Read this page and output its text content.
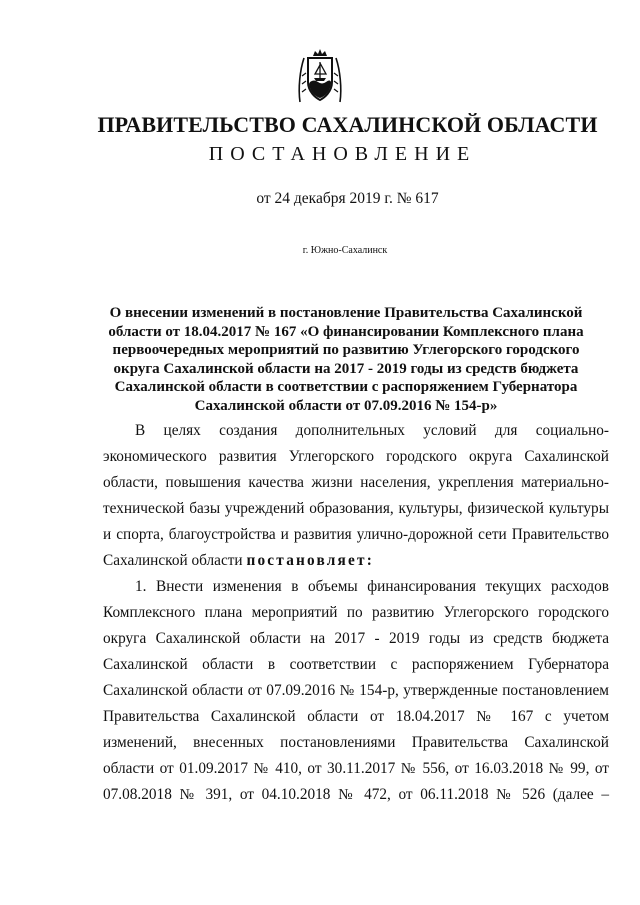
ПРАВИТЕЛЬСТВО САХАЛИНСКОЙ ОБЛАСТИ
ПОСТАНОВЛЕНИЕ
от 24 декабря 2019 г. № 617
г. Южно-Сахалинск
О внесении изменений в постановление Правительства Сахалинской
области от 18.04.2017 № 167 «О финансировании Комплексного плана
первоочередных мероприятий по развитию Углегорского городского
округа Сахалинской области на 2017 - 2019 годы из средств бюджета
Сахалинской области в соответствии с распоряжением Губернатора
Сахалинской области от 07.09.2016 № 154-р»
В целях создания дополнительных условий для социально-
экономического развития Углегорского городского округа Сахалинской
области, повышения качества жизни населения, укрепления материально-
технической базы учреждений образования, культуры, физической культуры
и спорта, благоустройства и развития улично-дорожной сети Правительство
Сахалинской области постановляет:
1. Внести изменения в объемы финансирования текущих расходов
Комплексного плана мероприятий по развитию Углегорского городского
округа Сахалинской области на 2017 - 2019 годы из средств бюджета
Сахалинской области в соответствии с распоряжением Губернатора
Сахалинской области от 07.09.2016 № 154-р, утвержденные постановлением
Правительства Сахалинской области от 18.04.2017 № 167 с учетом
изменений, внесенных постановлениями Правительства Сахалинской
области от 01.09.2017 № 410, от 30.11.2017 № 556, от 16.03.2018 № 99, от
07.08.2018 № 391, от 04.10.2018 № 472, от 06.11.2018 № 526 (далее –
